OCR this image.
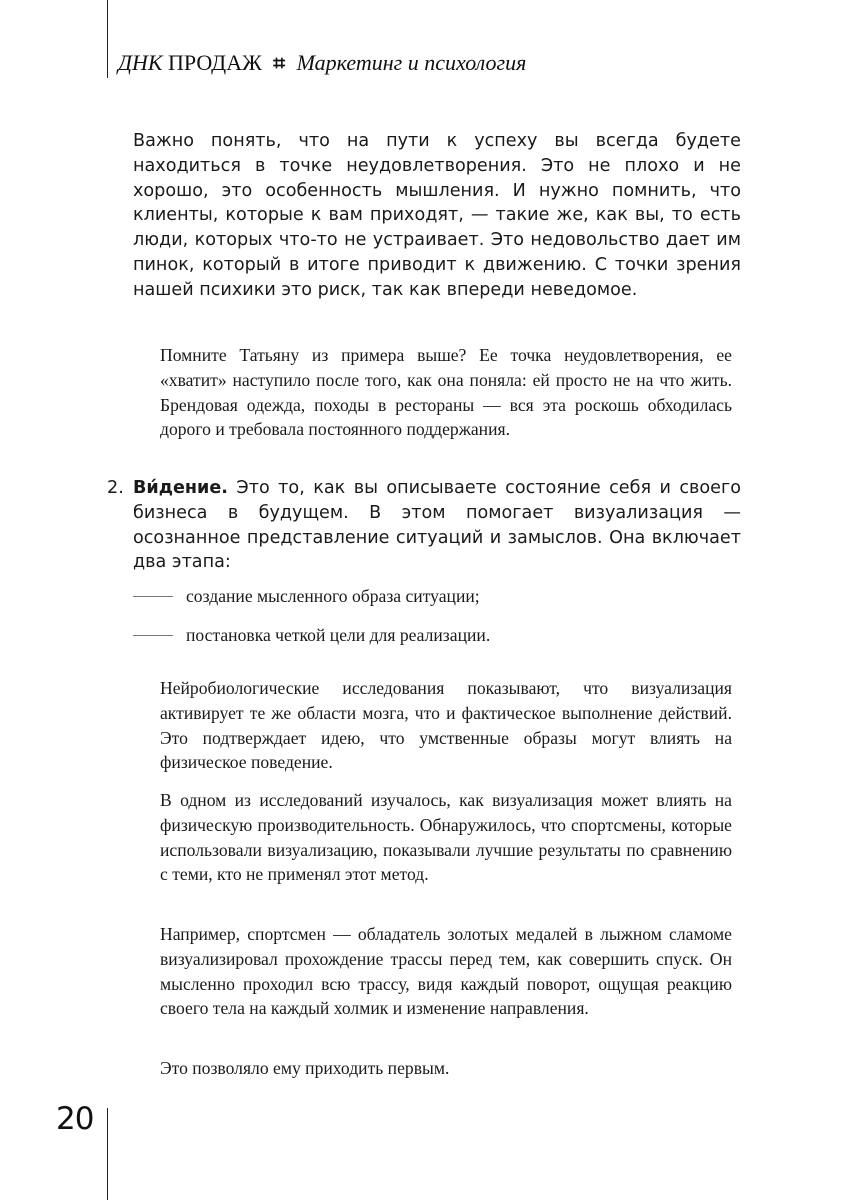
ДНК ПРОДАЖ ⌗ Маркетинг и психология

Важно понять, что на пути к успеху вы всегда будете находиться в точке неудовлетворения. Это не плохо и не хорошо, это особенность мышления. И нужно помнить, что клиенты, которые к вам приходят, — такие же, как вы, то есть люди, которых что-то не устраивает. Это недовольство дает им пинок, который в итоге приводит к движению. С точки зрения нашей психики это риск, так как впереди неведомое.

Помните Татьяну из примера выше? Ее точка неудовлетворения, ее «хватит» наступило после того, как она поняла: ей просто не на что жить. Брендовая одежда, походы в рестораны — вся эта роскошь обходилась дорого и требовала постоянного поддержания.

2. Ви́дение. Это то, как вы описываете состояние себя и своего бизнеса в будущем. В этом помогает визуализация — осознанное представление ситуаций и замыслов. Она включает два этапа:

создание мысленного образа ситуации;
постановка четкой цели для реализации.

Нейробиологические исследования показывают, что визуализация активирует те же области мозга, что и фактическое выполнение действий. Это подтверждает идею, что умственные образы могут влиять на физическое поведение.

В одном из исследований изучалось, как визуализация может влиять на физическую производительность. Обнаружилось, что спортсмены, которые использовали визуализацию, показывали лучшие результаты по сравнению с теми, кто не применял этот метод.

Например, спортсмен — обладатель золотых медалей в лыжном сламоме визуализировал прохождение трассы перед тем, как совершить спуск. Он мысленно проходил всю трассу, видя каждый поворот, ощущая реакцию своего тела на каждый холмик и изменение направления.

Это позволяло ему приходить первым.

20
